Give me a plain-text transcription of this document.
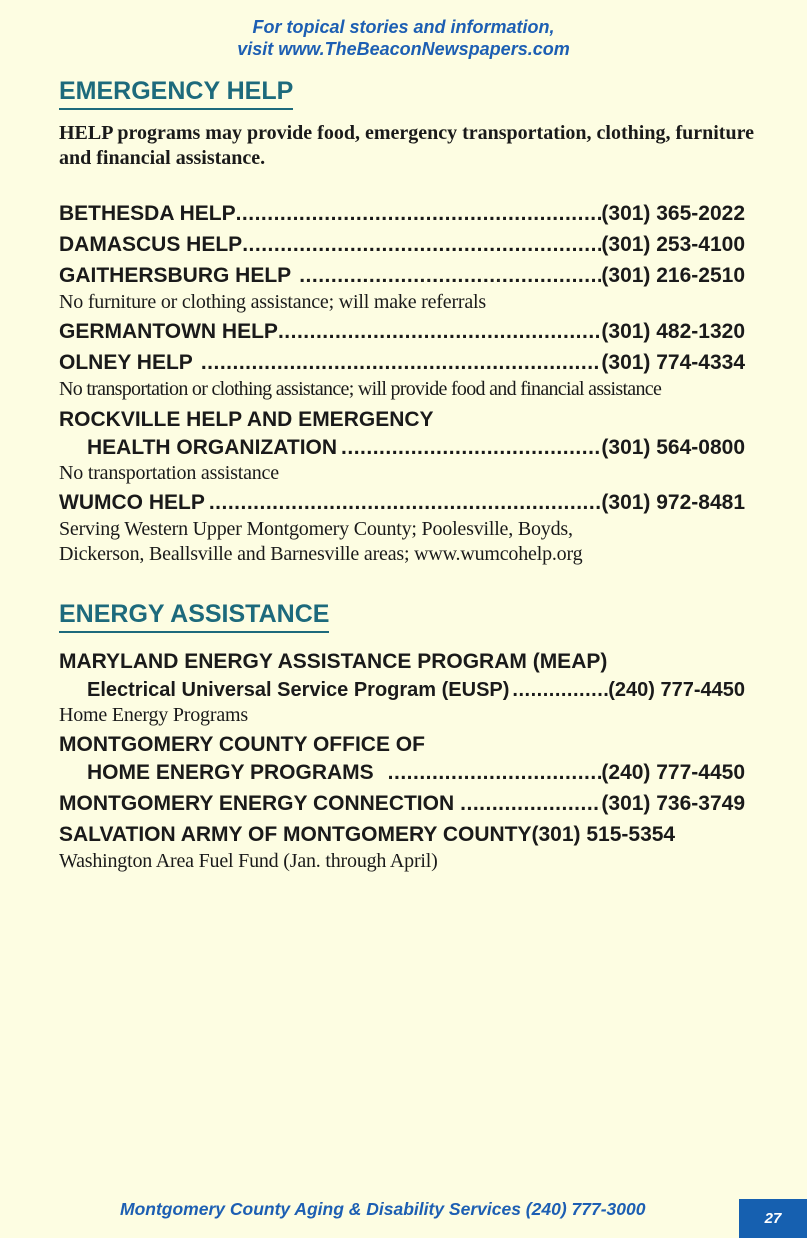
For topical stories and information,
visit www.TheBeaconNewspapers.com
EMERGENCY HELP
HELP programs may provide food, emergency transportation, clothing, furniture and financial assistance.
BETHESDA HELP .....	(301) 365-2022
DAMASCUS HELP .....	(301) 253-4100
GAITHERSBURG HELP .....	(301) 216-2510
No furniture or clothing assistance; will make referrals
GERMANTOWN HELP .....	(301) 482-1320
OLNEY HELP .....	(301) 774-4334
No transportation or clothing assistance; will provide food and financial assistance
ROCKVILLE HELP AND EMERGENCY
HEALTH ORGANIZATION .....	(301) 564-0800
No transportation assistance
WUMCO HELP .....	(301) 972-8481
Serving Western Upper Montgomery County; Poolesville, Boyds,
Dickerson, Beallsville and Barnesville areas; www.wumcohelp.org
ENERGY ASSISTANCE
MARYLAND ENERGY ASSISTANCE PROGRAM (MEAP)
Electrical Universal Service Program (EUSP) .....	(240) 777-4450
Home Energy Programs
MONTGOMERY COUNTY OFFICE OF
HOME ENERGY PROGRAMS .....	(240) 777-4450
MONTGOMERY ENERGY CONNECTION .....	(301) 736-3749
SALVATION ARMY OF MONTGOMERY COUNTY (301) 515-5354
Washington Area Fuel Fund (Jan. through April)
Montgomery County Aging & Disability Services (240) 777-3000	27
